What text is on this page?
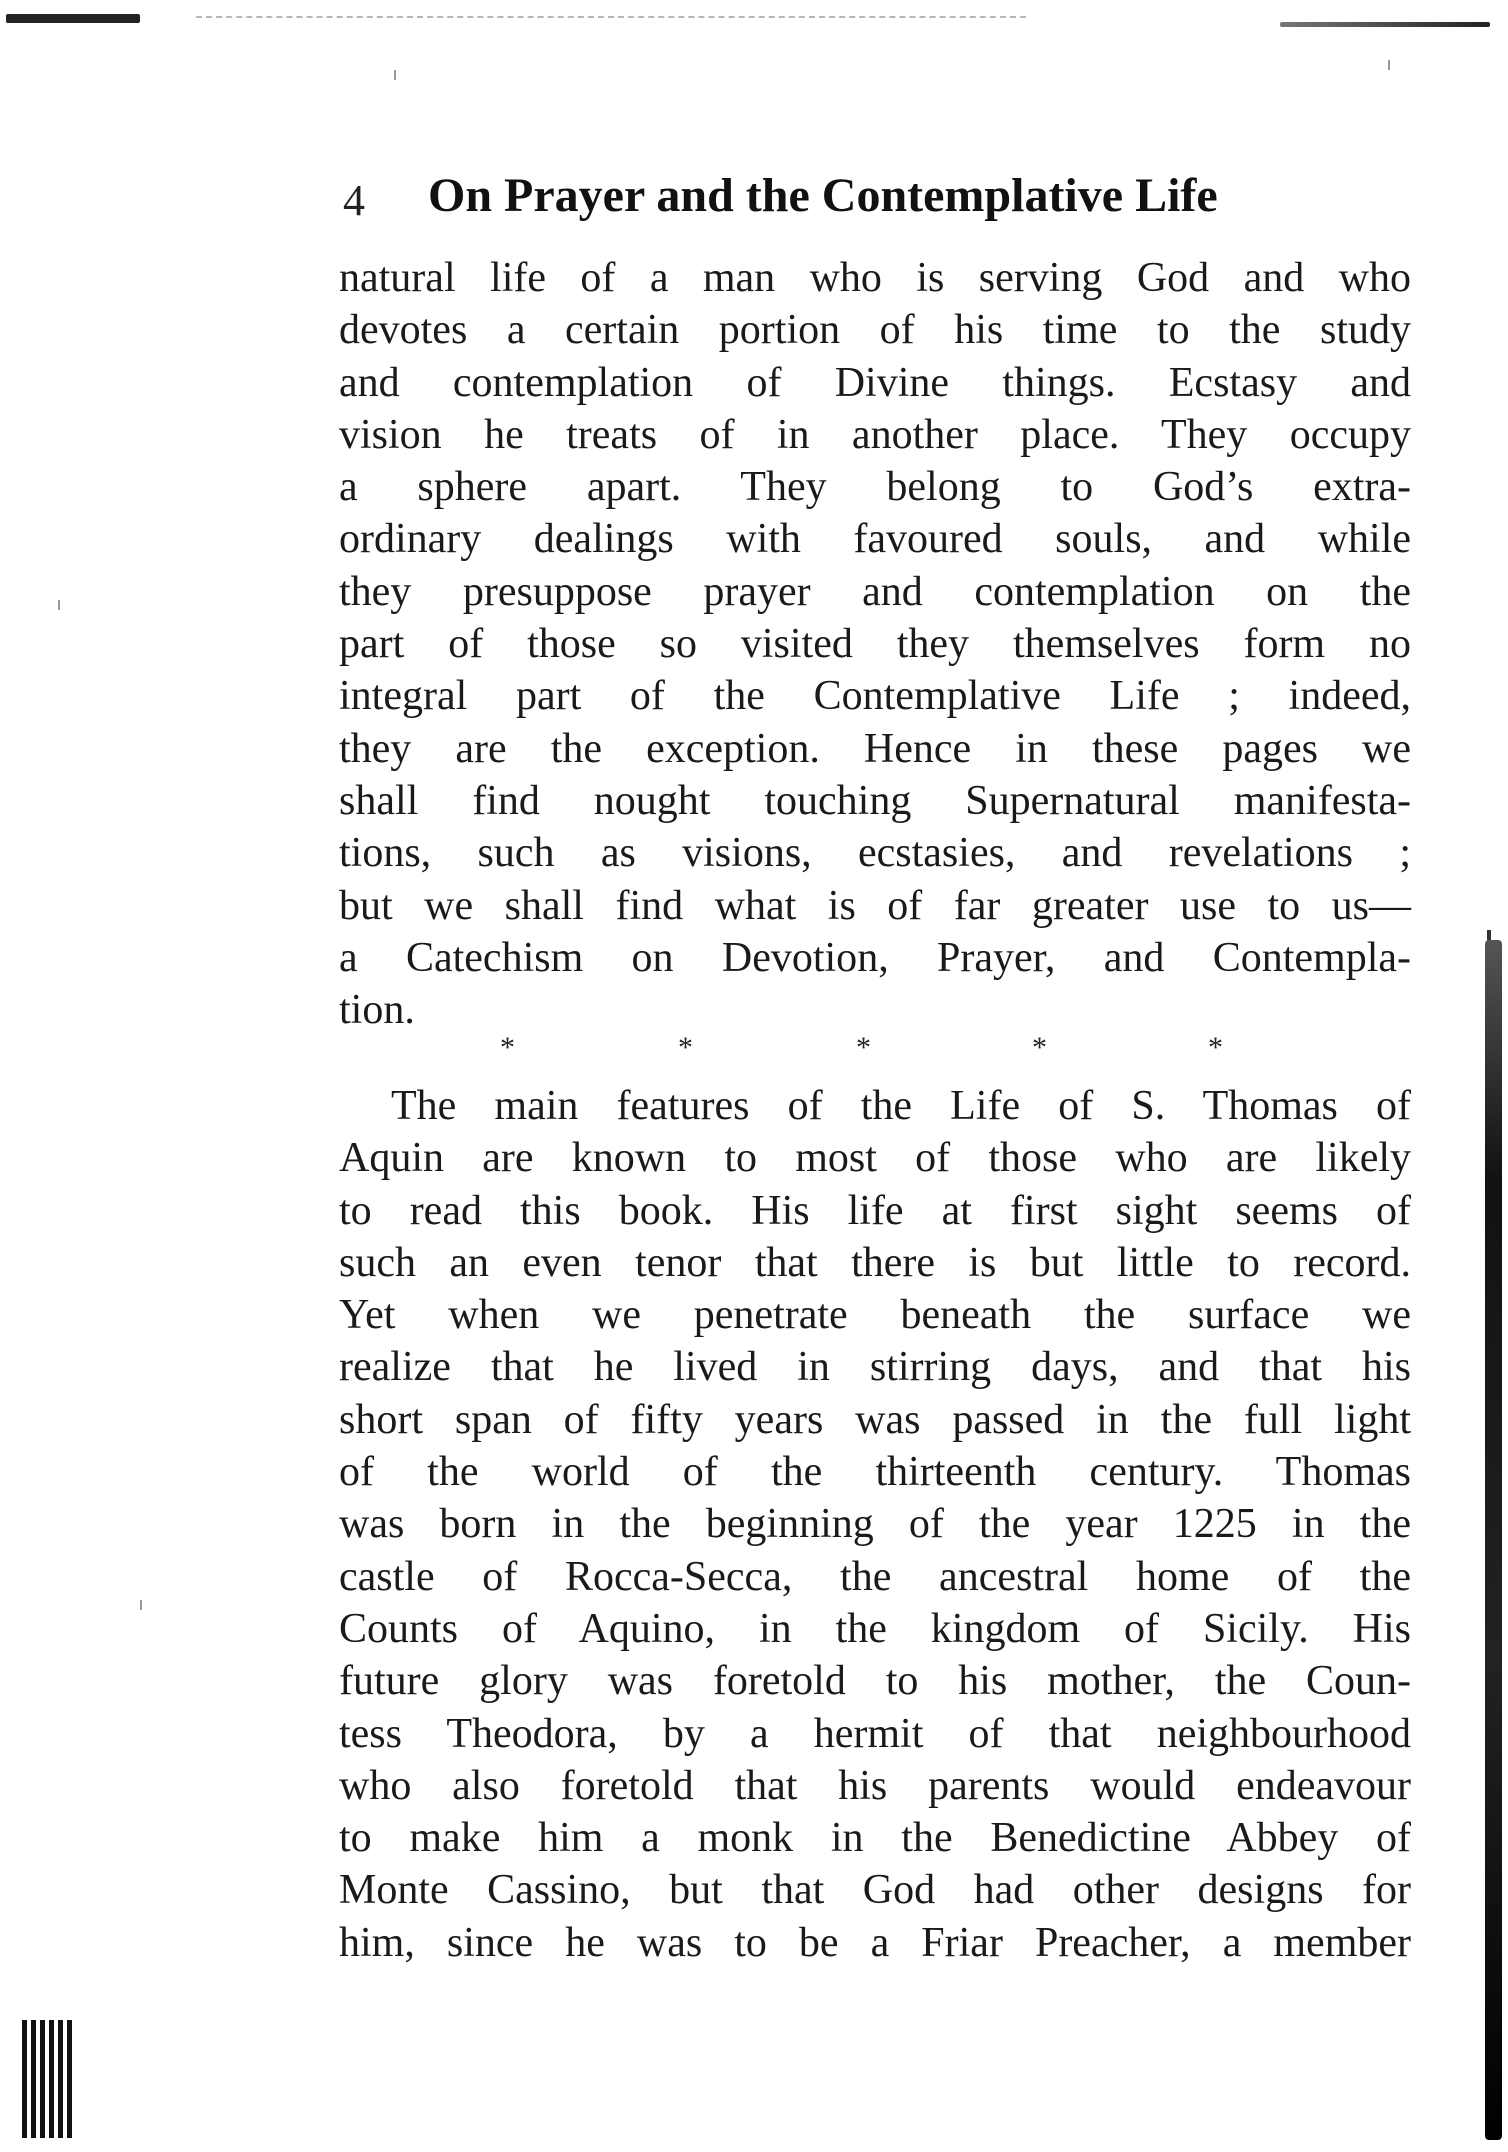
4 On Prayer and the Contemplative Life
natural life of a man who is serving God and who
devotes a certain portion of his time to the study
and contemplation of Divine things. Ecstasy and
vision he treats of in another place. They occupy
a sphere apart. They belong to God’s extra-
ordinary dealings with favoured souls, and while
they presuppose prayer and contemplation on the
part of those so visited they themselves form no
integral part of the Contemplative Life ; indeed,
they are the exception. Hence in these pages we
shall find nought touching Supernatural manifesta-
tions, such as visions, ecstasies, and revelations ;
but we shall find what is of far greater use to us—
a Catechism on Devotion, Prayer, and Contempla-
tion.
*	*	*	*	*
The main features of the Life of S. Thomas of
Aquin are known to most of those who are likely
to read this book. His life at first sight seems of
such an even tenor that there is but little to record.
Yet when we penetrate beneath the surface we
realize that he lived in stirring days, and that his
short span of fifty years was passed in the full light
of the world of the thirteenth century. Thomas
was born in the beginning of the year 1225 in the
castle of Rocca-Secca, the ancestral home of the
Counts of Aquino, in the kingdom of Sicily. His
future glory was foretold to his mother, the Coun-
tess Theodora, by a hermit of that neighbourhood
who also foretold that his parents would endeavour
to make him a monk in the Benedictine Abbey of
Monte Cassino, but that God had other designs for
him, since he was to be a Friar Preacher, a member
